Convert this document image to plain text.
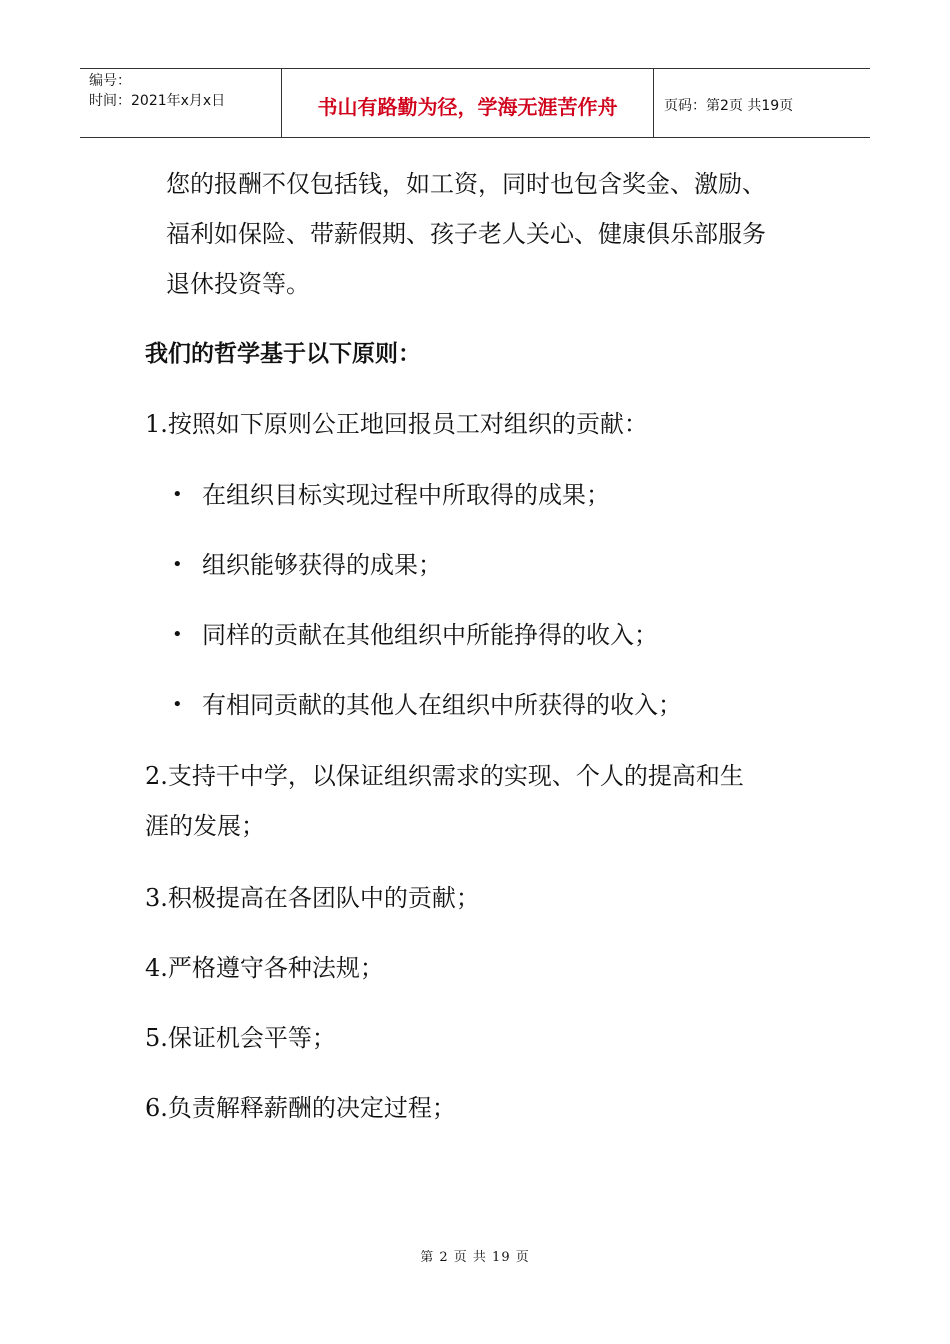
编号：
时间：2021年x月x日	书山有路勤为径，学海无涯苦作舟	页码：第2页 共19页
您的报酬不仅包括钱，如工资，同时也包含奖金、激励、
福利如保险、带薪假期、孩子老人关心、健康俱乐部服务
退休投资等。
我们的哲学基于以下原则：
1.按照如下原则公正地回报员工对组织的贡献：
• 在组织目标实现过程中所取得的成果；
• 组织能够获得的成果；
• 同样的贡献在其他组织中所能挣得的收入；
• 有相同贡献的其他人在组织中所获得的收入；
2.支持干中学，以保证组织需求的实现、个人的提高和生
涯的发展；
3.积极提高在各团队中的贡献；
4.严格遵守各种法规；
5.保证机会平等；
6.负责解释薪酬的决定过程；
第 2 页 共 19 页
